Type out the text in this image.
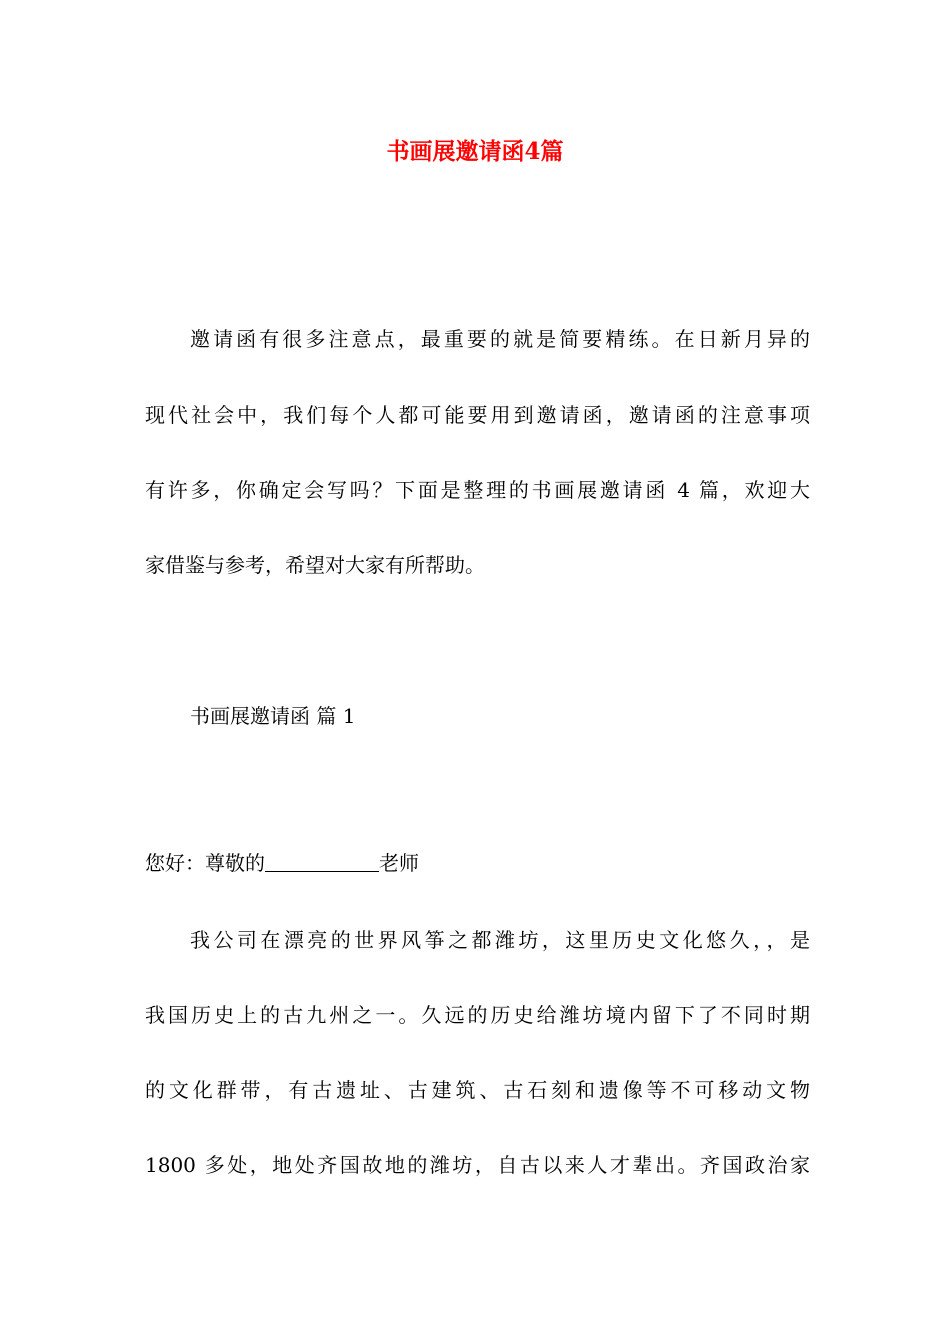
书画展邀请函4篇
邀请函有很多注意点，最重要的就是简要精练。在日新月异的
现代社会中，我们每个人都可能要用到邀请函，邀请函的注意事项
有许多，你确定会写吗？下面是整理的书画展邀请函 4 篇，欢迎大
家借鉴与参考，希望对大家有所帮助。
书画展邀请函 篇 1
您好：尊敬的	老师
我公司在漂亮的世界风筝之都潍坊，这里历史文化悠久，，是
我国历史上的古九州之一。久远的历史给潍坊境内留下了不同时期
的文化群带，有古遗址、古建筑、古石刻和遗像等不可移动文物
1800 多处，地处齐国故地的潍坊，自古以来人才辈出。齐国政治家
